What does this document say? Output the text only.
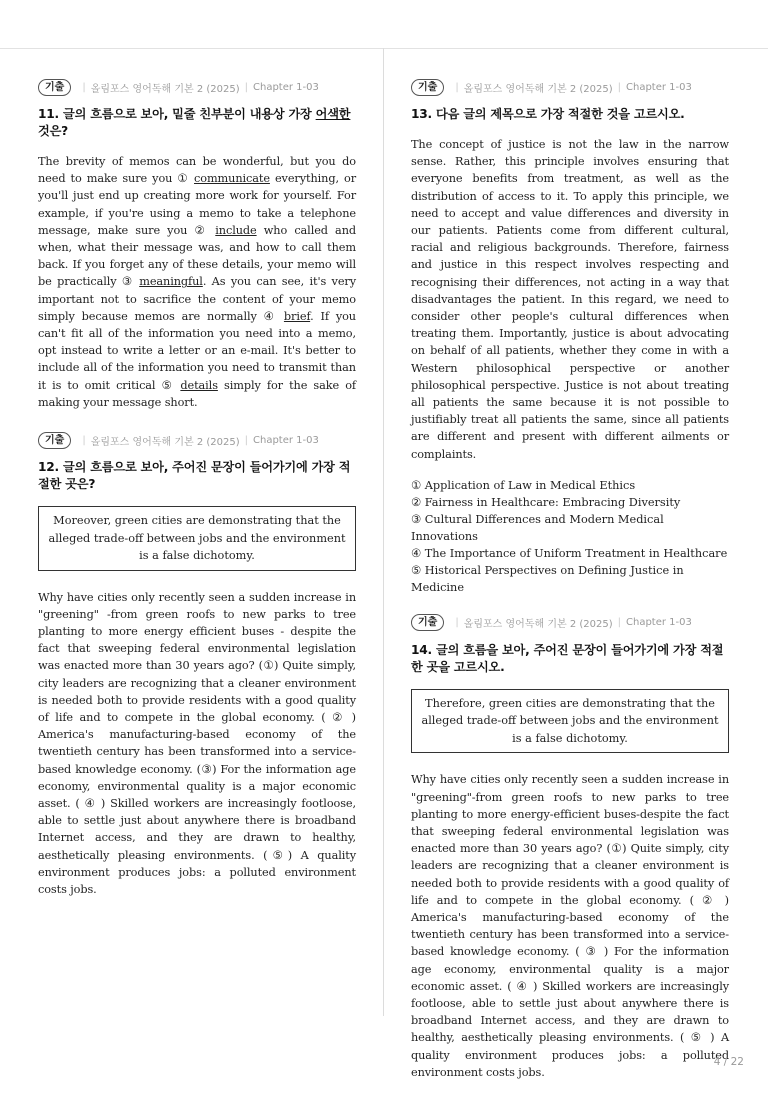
기출	| 올림포스 영어독해 기본 2 (2025) | Chapter 1-03
11. 글의 흐름으로 보아, 밑줄 친부분이 내용상 가장 어색한 것은?

The brevity of memos can be wonderful, but you do need to make sure you ① communicate everything, or you'll just end up creating more work for yourself. For example, if you're using a memo to take a telephone message, make sure you ② include who called and when, what their message was, and how to call them back. If you forget any of these details, your memo will be practically ③ meaningful. As you can see, it's very important not to sacrifice the content of your memo simply because memos are normally ④ brief. If you can't fit all of the information you need into a memo, opt instead to write a letter or an e-mail. It's better to include all of the information you need to transmit than it is to omit critical ⑤ details simply for the sake of making your message short.

기출	| 올림포스 영어독해 기본 2 (2025) | Chapter 1-03
12. 글의 흐름으로 보아, 주어진 문장이 들어가기에 가장 적절한 곳은?
Moreover, green cities are demonstrating that the alleged trade-off between jobs and the environment is a false dichotomy.

Why have cities only recently seen a sudden increase in "greening" -from green roofs to new parks to tree planting to more energy efficient buses - despite the fact that sweeping federal environmental legislation was enacted more than 30 years ago? (①) Quite simply, city leaders are recognizing that a cleaner environment is needed both to provide residents with a good quality of life and to compete in the global economy. ( ② ) America's manufacturing-based economy of the twentieth century has been transformed into a service-based knowledge economy. (③) For the information age economy, environmental quality is a major economic asset. ( ④ ) Skilled workers are increasingly footloose, able to settle just about anywhere there is broadband Internet access, and they are drawn to healthy, aesthetically pleasing environments. (⑤) A quality environment produces jobs: a polluted environment costs jobs.

기출	| 올림포스 영어독해 기본 2 (2025) | Chapter 1-03
13. 다음 글의 제목으로 가장 적절한 것을 고르시오.

The concept of justice is not the law in the narrow sense. Rather, this principle involves ensuring that everyone benefits from treatment, as well as the distribution of access to it. To apply this principle, we need to accept and value differences and diversity in our patients. Patients come from different cultural, racial and religious backgrounds. Therefore, fairness and justice in this respect involves respecting and recognising their differences, not acting in a way that disadvantages the patient. In this regard, we need to consider other people's cultural differences when treating them. Importantly, justice is about advocating on behalf of all patients, whether they come in with a Western philosophical perspective or another philosophical perspective. Justice is not about treating all patients the same because it is not possible to justifiably treat all patients the same, since all patients are different and present with different ailments or complaints.

① Application of Law in Medical Ethics
② Fairness in Healthcare: Embracing Diversity
③ Cultural Differences and Modern Medical Innovations
④ The Importance of Uniform Treatment in Healthcare
⑤ Historical Perspectives on Defining Justice in Medicine
기출	| 올림포스 영어독해 기본 2 (2025) | Chapter 1-03
14. 글의 흐름을 보아, 주어진 문장이 들어가기에 가장 적절한 곳을 고르시오.
Therefore, green cities are demonstrating that the alleged trade-off between jobs and the environment is a false dichotomy.

Why have cities only recently seen a sudden increase in "greening"-from green roofs to new parks to tree planting to more energy-efficient buses-despite the fact that sweeping federal environmental legislation was enacted more than 30 years ago? (①) Quite simply, city leaders are recognizing that a cleaner environment is needed both to provide residents with a good quality of life and to compete in the global economy. ( ② ) America's manufacturing-based economy of the twentieth century has been transformed into a service-based knowledge economy. ( ③ ) For the information age economy, environmental quality is a major economic asset. ( ④ ) Skilled workers are increasingly footloose, able to settle just about anywhere there is broadband Internet access, and they are drawn to healthy, aesthetically pleasing environments. ( ⑤ ) A quality environment produces jobs: a polluted environment costs jobs.

4 / 22
